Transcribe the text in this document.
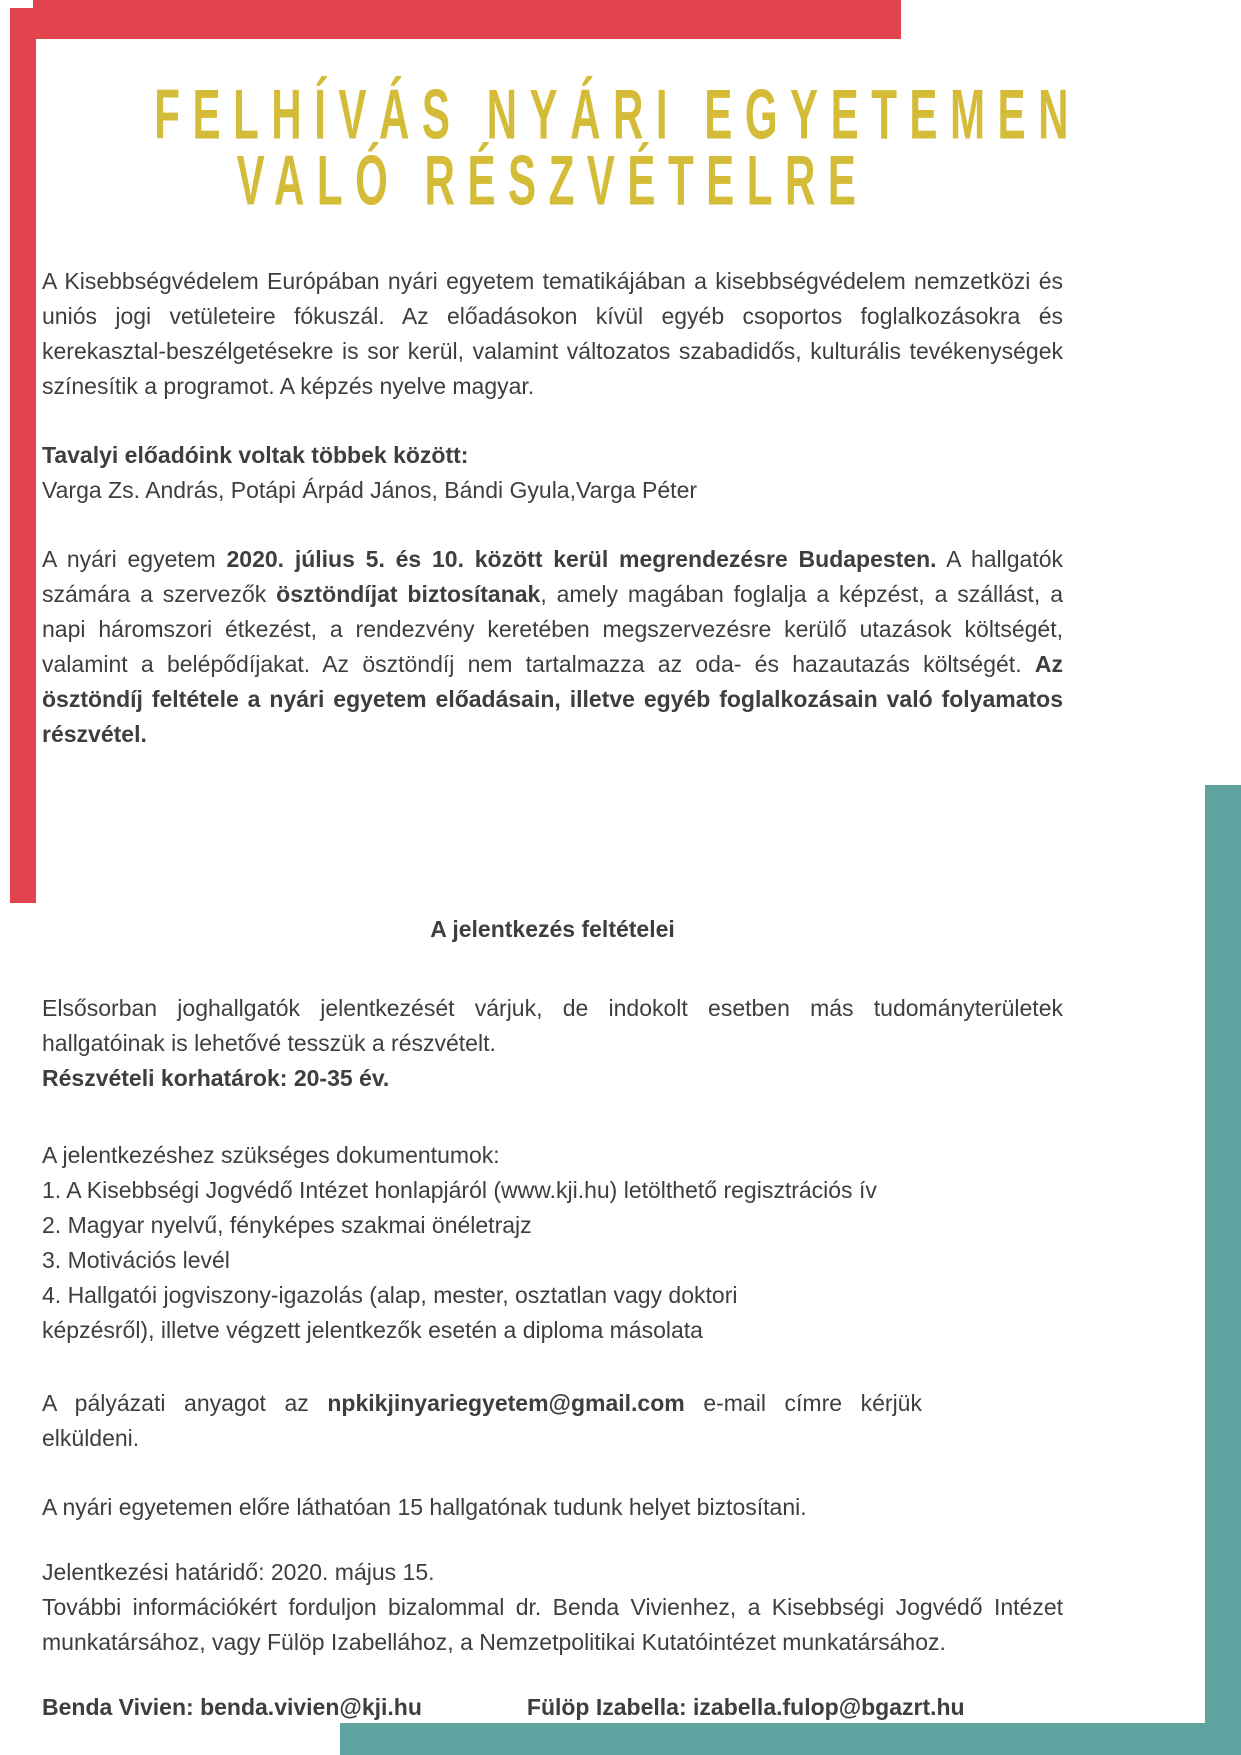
FELHÍVÁS NYÁRI EGYETEMEN
VALÓ RÉSZVÉTELRE

A Kisebbségvédelem Európában nyári egyetem tematikájában a kisebbségvédelem nemzetközi és uniós jogi vetületeire fókuszál. Az előadásokon kívül egyéb csoportos foglalkozásokra és kerekasztal-beszélgetésekre is sor kerül, valamint változatos szabadidős, kulturális tevékenységek színesítik a programot. A képzés nyelve magyar.

Tavalyi előadóink voltak többek között:
Varga Zs. András, Potápi Árpád János, Bándi Gyula,Varga Péter

A nyári egyetem 2020. július 5. és 10. között kerül megrendezésre Budapesten. A hallgatók számára a szervezők ösztöndíjat biztosítanak, amely magában foglalja a képzést, a szállást, a napi háromszori étkezést, a rendezvény keretében megszervezésre kerülő utazások költségét, valamint a belépődíjakat. Az ösztöndíj nem tartalmazza az oda- és hazautazás költségét. Az ösztöndíj feltétele a nyári egyetem előadásain, illetve egyéb foglalkozásain való folyamatos részvétel.

A jelentkezés feltételei

Elsősorban joghallgatók jelentkezését várjuk, de indokolt esetben más tudományterületek hallgatóinak is lehetővé tesszük a részvételt.

Részvételi korhatárok: 20-35 év.

A jelentkezéshez szükséges dokumentumok:

1. A Kisebbségi Jogvédő Intézet honlapjáról (www.kji.hu) letölthető regisztrációs ív

2. Magyar nyelvű, fényképes szakmai önéletrajz

3. Motivációs levél

4. Hallgatói jogviszony-igazolás (alap, mester, osztatlan vagy doktori

képzésről), illetve végzett jelentkezők esetén a diploma másolata

A pályázati anyagot az npkikjinyariegyetem@gmail.com e-mail címre kérjük elküldeni.

A nyári egyetemen előre láthatóan 15 hallgatónak tudunk helyet biztosítani.

Jelentkezési határidő: 2020. május 15.

További információkért forduljon bizalommal dr. Benda Vivienhez, a Kisebbségi Jogvédő Intézet munkatársához, vagy Fülöp Izabellához, a Nemzetpolitikai Kutatóintézet munkatársához.

Benda Vivien: benda.vivien@kji.hu	Fülöp Izabella: izabella.fulop@bgazrt.hu
